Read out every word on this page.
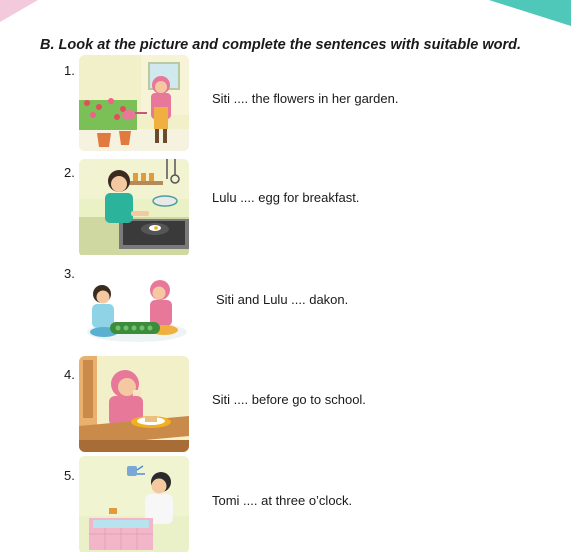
B. Look at the picture and complete the sentences with suitable word.
1.
Siti .... the flowers in her garden.
2.
Lulu .... egg for breakfast.
3.
Siti and Lulu .... dakon.
4.
Siti .... before go to school.
5.
Tomi .... at three o’clock.
